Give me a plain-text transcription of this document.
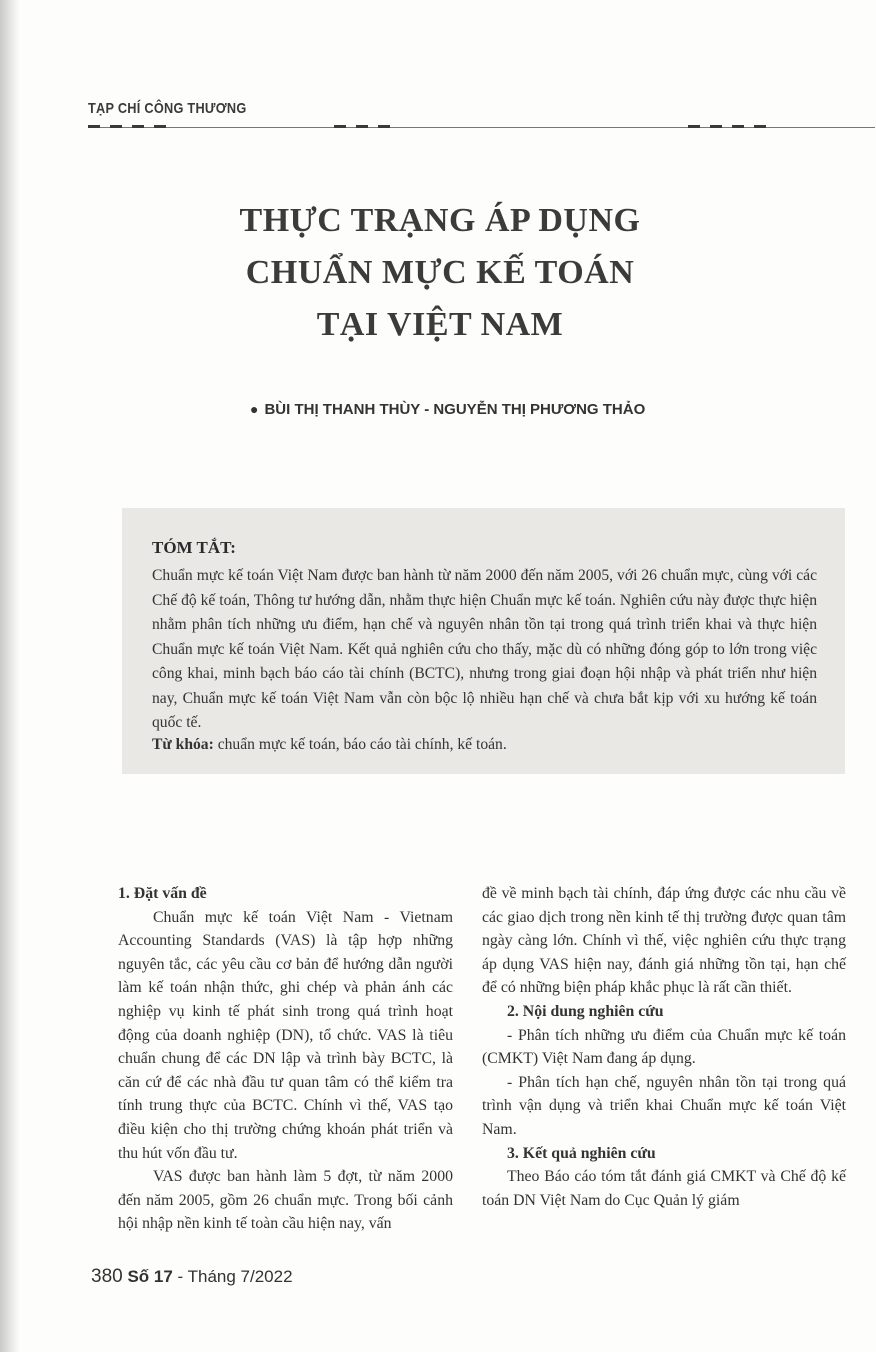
TẠP CHÍ CÔNG THƯƠNG
THỰC TRẠNG ÁP DỤNG
CHUẨN MỰC KẾ TOÁN
TẠI VIỆT NAM
● BÙI THỊ THANH THÙY - NGUYỄN THỊ PHƯƠNG THẢO
TÓM TẮT:

Chuẩn mực kế toán Việt Nam được ban hành từ năm 2000 đến năm 2005, với 26 chuẩn mực, cùng với các Chế độ kế toán, Thông tư hướng dẫn, nhằm thực hiện Chuẩn mực kế toán. Nghiên cứu này được thực hiện nhằm phân tích những ưu điểm, hạn chế và nguyên nhân tồn tại trong quá trình triển khai và thực hiện Chuẩn mực kế toán Việt Nam. Kết quả nghiên cứu cho thấy, mặc dù có những đóng góp to lớn trong việc công khai, minh bạch báo cáo tài chính (BCTC), nhưng trong giai đoạn hội nhập và phát triển như hiện nay, Chuẩn mực kế toán Việt Nam vẫn còn bộc lộ nhiều hạn chế và chưa bắt kịp với xu hướng kế toán quốc tế.

Từ khóa: chuẩn mực kế toán, báo cáo tài chính, kế toán.

1. Đặt vấn đề

Chuẩn mực kế toán Việt Nam - Vietnam Accounting Standards (VAS) là tập hợp những nguyên tắc, các yêu cầu cơ bản để hướng dẫn người làm kế toán nhận thức, ghi chép và phản ánh các nghiệp vụ kinh tế phát sinh trong quá trình hoạt động của doanh nghiệp (DN), tổ chức. VAS là tiêu chuẩn chung để các DN lập và trình bày BCTC, là căn cứ để các nhà đầu tư quan tâm có thể kiểm tra tính trung thực của BCTC. Chính vì thế, VAS tạo điều kiện cho thị trường chứng khoán phát triển và thu hút vốn đầu tư.

VAS được ban hành làm 5 đợt, từ năm 2000 đến năm 2005, gồm 26 chuẩn mực. Trong bối cảnh hội nhập nền kinh tế toàn cầu hiện nay, vấn

đề về minh bạch tài chính, đáp ứng được các nhu cầu về các giao dịch trong nền kinh tế thị trường được quan tâm ngày càng lớn. Chính vì thế, việc nghiên cứu thực trạng áp dụng VAS hiện nay, đánh giá những tồn tại, hạn chế để có những biện pháp khắc phục là rất cần thiết.

2. Nội dung nghiên cứu

- Phân tích những ưu điểm của Chuẩn mực kế toán (CMKT) Việt Nam đang áp dụng.

- Phân tích hạn chế, nguyên nhân tồn tại trong quá trình vận dụng và triển khai Chuẩn mực kế toán Việt Nam.

3. Kết quả nghiên cứu

Theo Báo cáo tóm tắt đánh giá CMKT và Chế độ kế toán DN Việt Nam do Cục Quản lý giám

380 Số 17 - Tháng 7/2022
